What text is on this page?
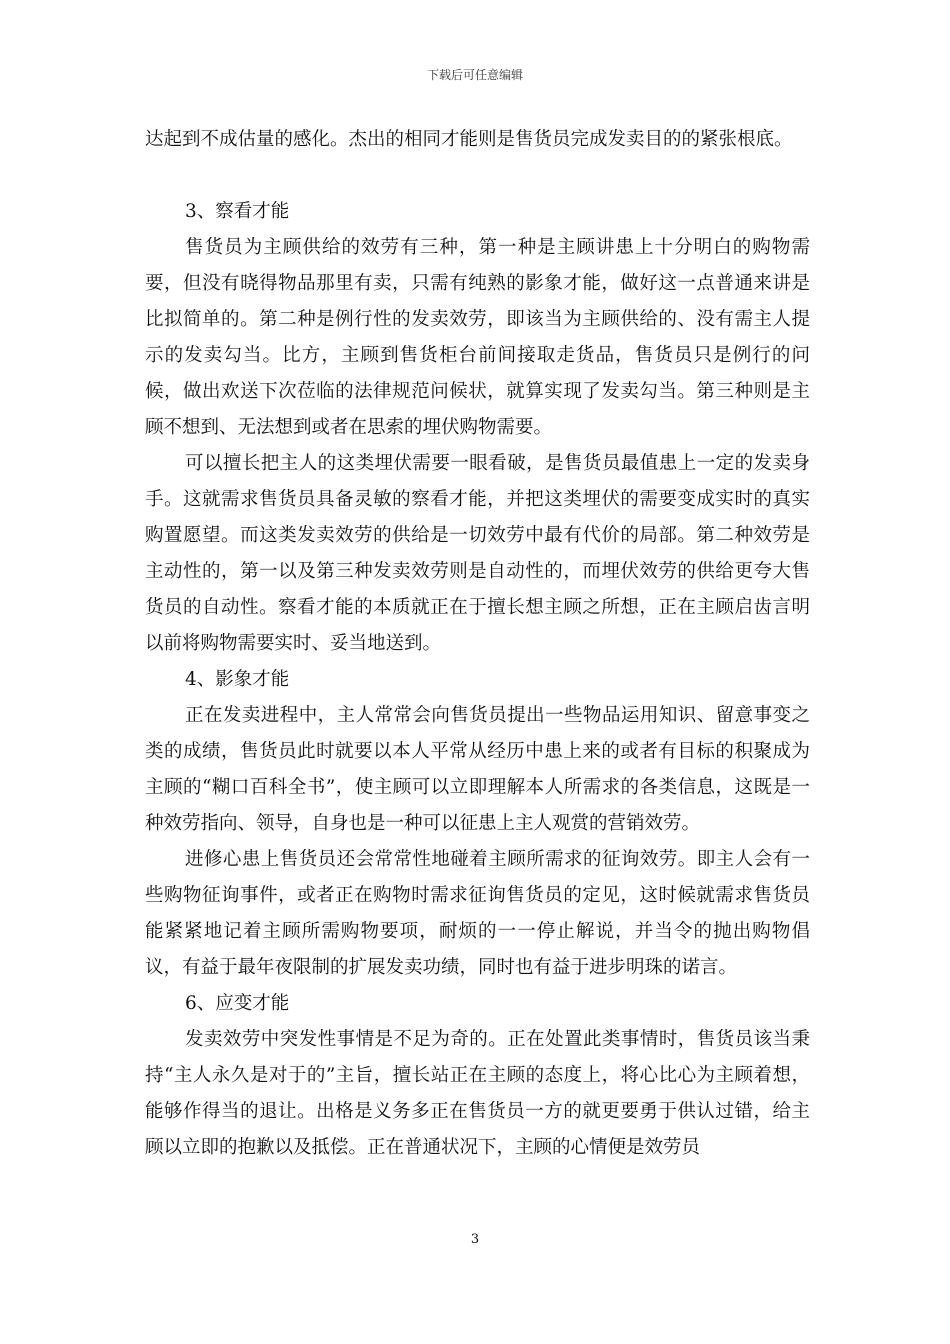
下载后可任意编辑

达起到不成估量的感化。杰出的相同才能则是售货员完成发卖目的的紧张根底。

3、察看才能

售货员为主顾供给的效劳有三种，第一种是主顾讲患上十分明白的购物需要，但没有晓得物品那里有卖，只需有纯熟的影象才能，做好这一点普通来讲是比拟简单的。第二种是例行性的发卖效劳，即该当为主顾供给的、没有需主人提示的发卖勾当。比方，主顾到售货柜台前间接取走货品，售货员只是例行的问候，做出欢送下次莅临的法律规范问候状，就算实现了发卖勾当。第三种则是主顾不想到、无法想到或者在思索的埋伏购物需要。

可以擅长把主人的这类埋伏需要一眼看破，是售货员最值患上一定的发卖身手。这就需求售货员具备灵敏的察看才能，并把这类埋伏的需要变成实时的真实购置愿望。而这类发卖效劳的供给是一切效劳中最有代价的局部。第二种效劳是主动性的，第一以及第三种发卖效劳则是自动性的，而埋伏效劳的供给更夸大售货员的自动性。察看才能的本质就正在于擅长想主顾之所想，正在主顾启齿言明以前将购物需要实时、妥当地送到。

4、影象才能

正在发卖进程中，主人常常会向售货员提出一些物品运用知识、留意事变之类的成绩，售货员此时就要以本人平常从经历中患上来的或者有目标的积聚成为主顾的“糊口百科全书”，使主顾可以立即理解本人所需求的各类信息，这既是一种效劳指向、领导，自身也是一种可以征患上主人观赏的营销效劳。

进修心患上售货员还会常常性地碰着主顾所需求的征询效劳。即主人会有一些购物征询事件，或者正在购物时需求征询售货员的定见，这时候就需求售货员能紧紧地记着主顾所需购物要项，耐烦的一一停止解说，并当令的抛出购物倡议，有益于最年夜限制的扩展发卖功绩，同时也有益于进步明珠的诺言。

6、应变才能

发卖效劳中突发性事情是不足为奇的。正在处置此类事情时，售货员该当秉持“主人永久是对于的”主旨，擅长站正在主顾的态度上，将心比心为主顾着想，能够作得当的退让。出格是义务多正在售货员一方的就更要勇于供认过错，给主顾以立即的抱歉以及抵偿。正在普通状况下，主顾的心情便是效劳员

3
